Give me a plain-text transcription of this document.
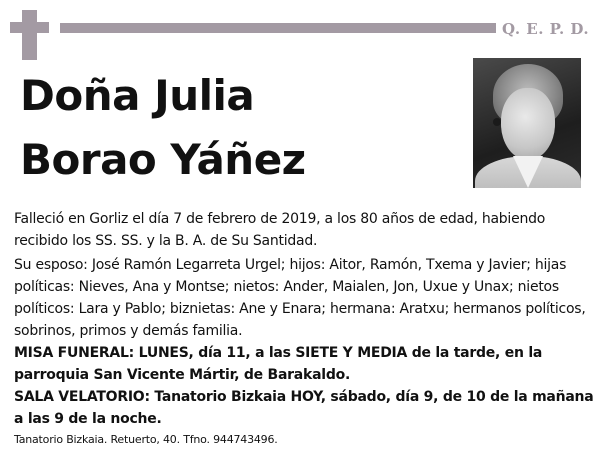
Q. E. P. D.
Doña Julia
Borao Yáñez
Falleció en Gorliz el día 7 de febrero de 2019, a los 80 años de edad, habiendo recibido los SS. SS. y la B. A. de Su Santidad.
Su esposo: José Ramón Legarreta Urgel; hijos: Aitor, Ramón, Txema y Javier; hijas políticas: Nieves, Ana y Montse; nietos: Ander, Maialen, Jon, Uxue y Unax; nietos políticos: Lara y Pablo; biznietas: Ane y Enara; hermana: Aratxu; hermanos políticos, sobrinos, primos y demás familia.
MISA FUNERAL: LUNES, día 11, a las SIETE Y MEDIA de la tarde, en la parroquia San Vicente Mártir, de Barakaldo.
SALA VELATORIO: Tanatorio Bizkaia HOY, sábado, día 9, de 10 de la mañana a las 9 de la noche.
Tanatorio Bizkaia. Retuerto, 40. Tfno. 944743496.
